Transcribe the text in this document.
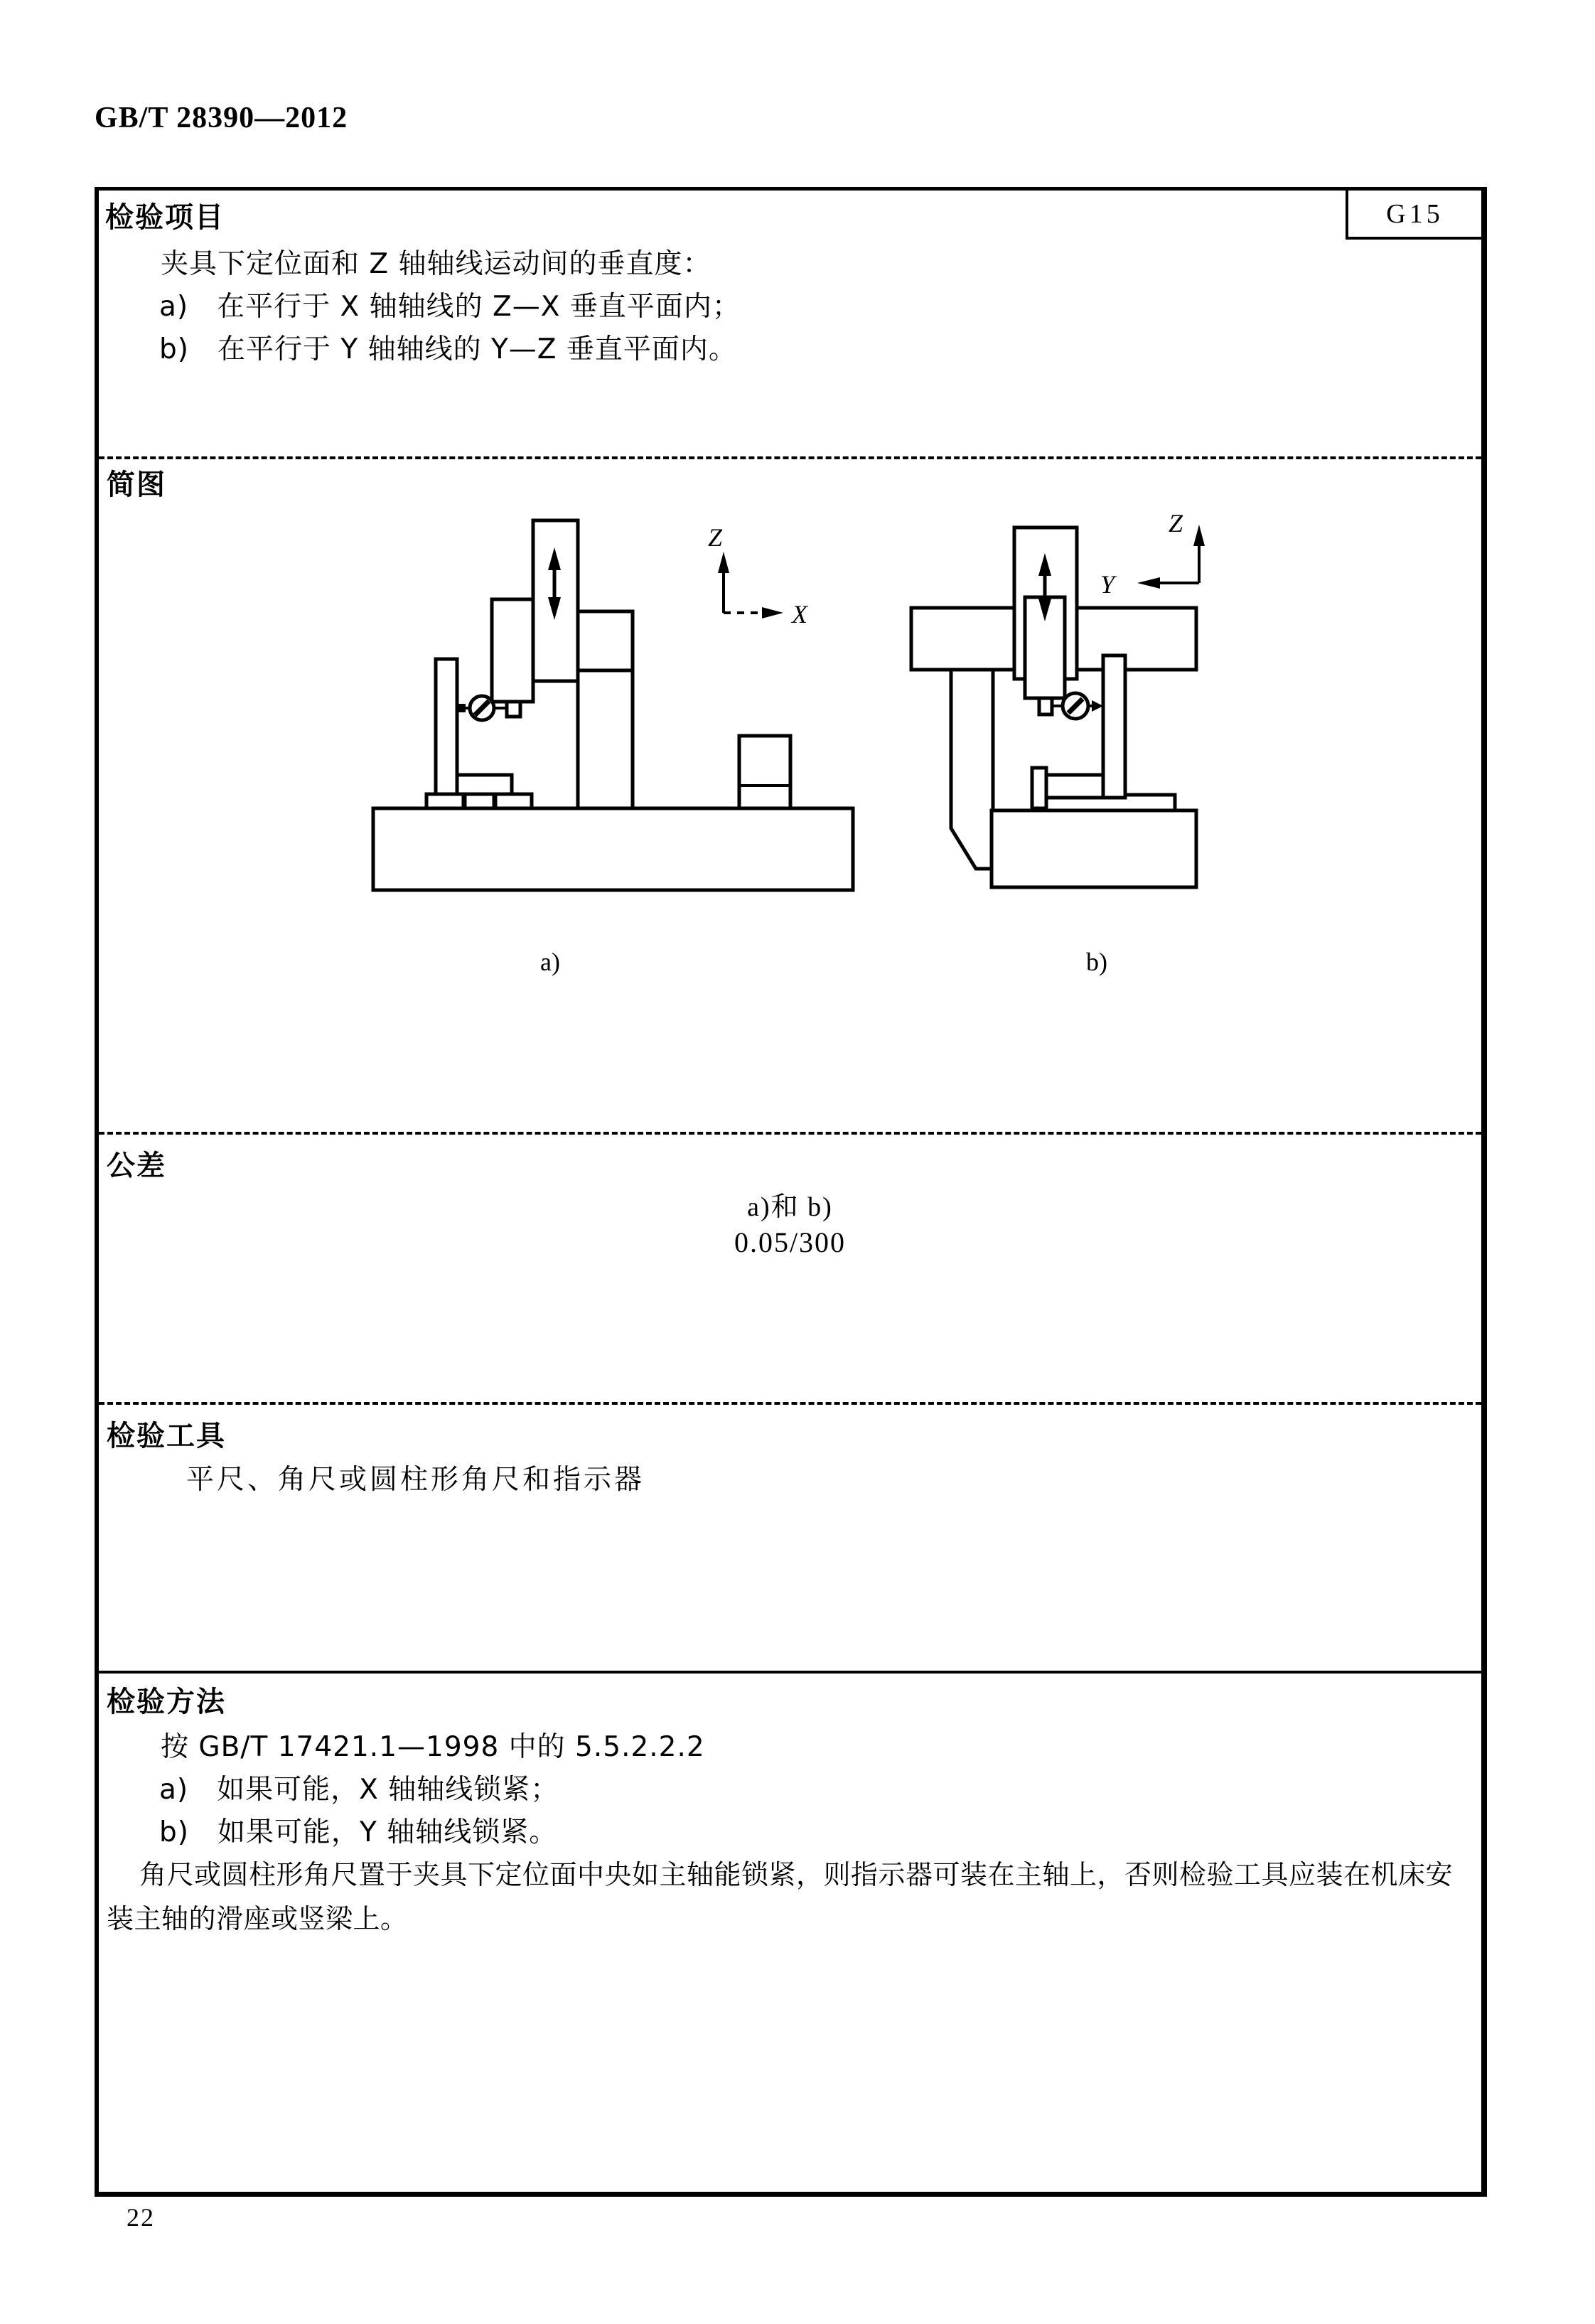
GB/T 28390—2012
G15
检验项目
夹具下定位面和 Z 轴轴线运动间的垂直度：
a)　在平行于 X 轴轴线的 Z—X 垂直平面内；
b)　在平行于 Y 轴轴线的 Y—Z 垂直平面内。
简图
公差
a)和 b)
0.05/300
检验工具
平尺、角尺或圆柱形角尺和指示器
检验方法
按 GB/T 17421.1—1998 中的 5.5.2.2.2
a)　如果可能，X 轴轴线锁紧；
b)　如果可能，Y 轴轴线锁紧。
角尺或圆柱形角尺置于夹具下定位面中央如主轴能锁紧，则指示器可装在主轴上，否则检验工具应装在机床安
装主轴的滑座或竖梁上。
Z
X
Z
Y
a)	b)
22
